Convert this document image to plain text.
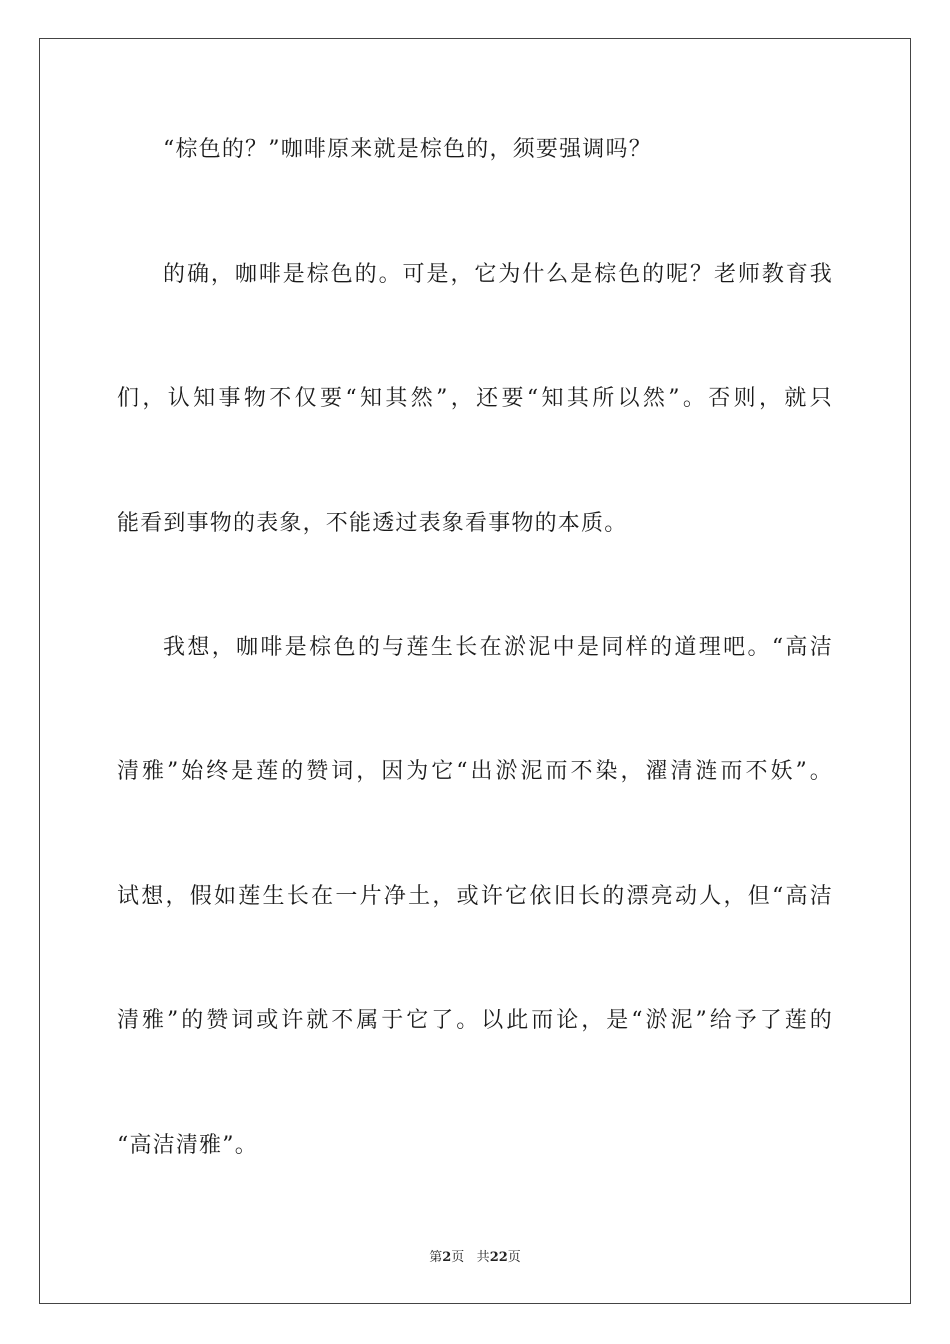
“棕色的？”咖啡原来就是棕色的，须要强调吗？
的确，咖啡是棕色的。可是，它为什么是棕色的呢？老师教育我
们，认知事物不仅要“知其然”，还要“知其所以然”。否则，就只
能看到事物的表象，不能透过表象看事物的本质。
我想，咖啡是棕色的与莲生长在淤泥中是同样的道理吧。“高洁
清雅”始终是莲的赞词，因为它“出淤泥而不染，濯清涟而不妖”。
试想，假如莲生长在一片净土，或许它依旧长的漂亮动人，但“高洁
清雅”的赞词或许就不属于它了。以此而论，是“淤泥”给予了莲的
“高洁清雅”。
第2页 共22页
